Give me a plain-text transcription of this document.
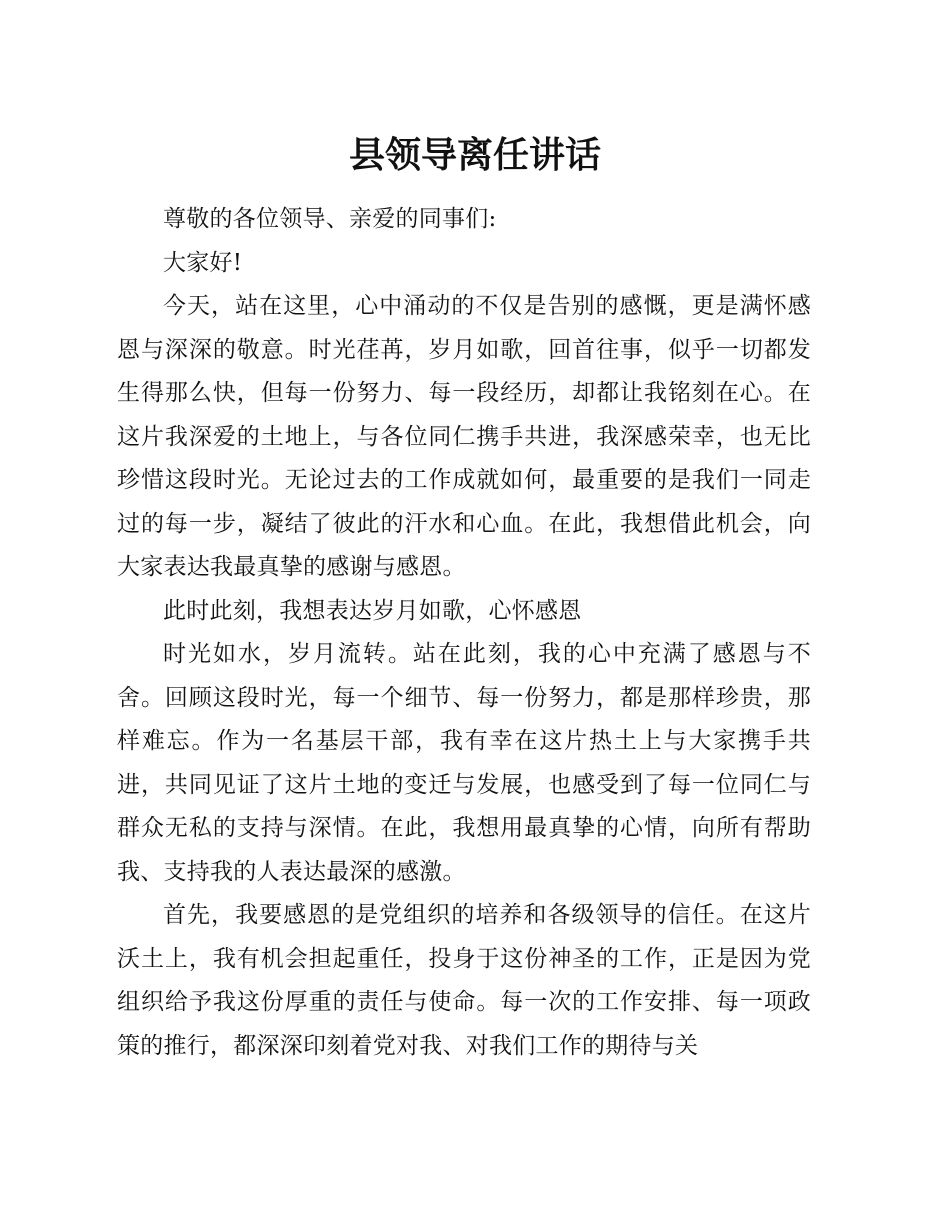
县领导离任讲话

尊敬的各位领导、亲爱的同事们:

大家好!

今天，站在这里，心中涌动的不仅是告别的感慨，更是满怀感恩与深深的敬意。时光荏苒，岁月如歌，回首往事，似乎一切都发生得那么快，但每一份努力、每一段经历，却都让我铭刻在心。在这片我深爱的土地上，与各位同仁携手共进，我深感荣幸，也无比珍惜这段时光。无论过去的工作成就如何，最重要的是我们一同走过的每一步，凝结了彼此的汗水和心血。在此，我想借此机会，向大家表达我最真挚的感谢与感恩。

此时此刻，我想表达岁月如歌，心怀感恩

时光如水，岁月流转。站在此刻，我的心中充满了感恩与不舍。回顾这段时光，每一个细节、每一份努力，都是那样珍贵，那样难忘。作为一名基层干部，我有幸在这片热土上与大家携手共进，共同见证了这片土地的变迁与发展，也感受到了每一位同仁与群众无私的支持与深情。在此，我想用最真挚的心情，向所有帮助我、支持我的人表达最深的感激。

首先，我要感恩的是党组织的培养和各级领导的信任。在这片沃土上，我有机会担起重任，投身于这份神圣的工作，正是因为党组织给予我这份厚重的责任与使命。每一次的工作安排、每一项政策的推行，都深深印刻着党对我、对我们工作的期待与关
